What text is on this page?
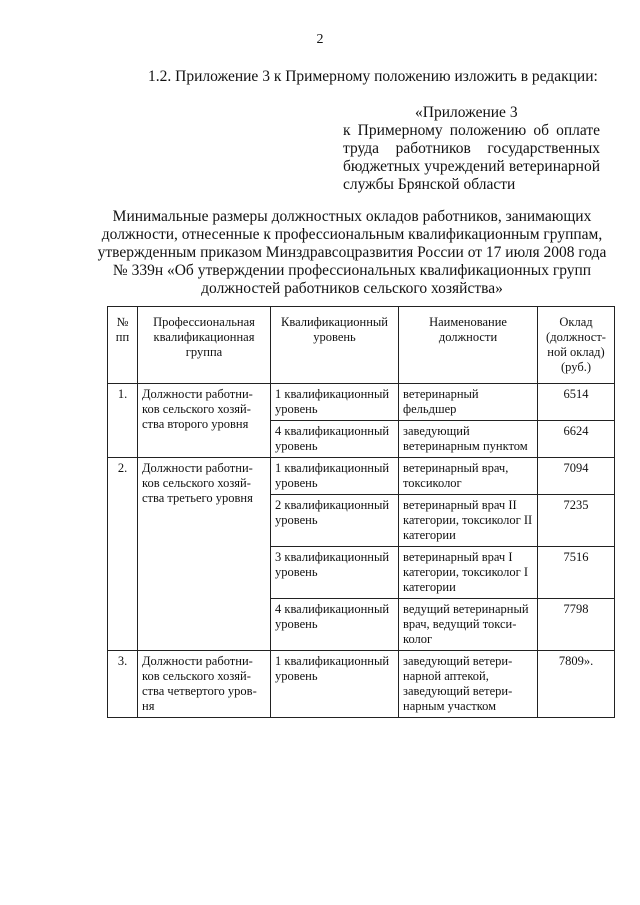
2
1.2. Приложение 3 к Примерному положению изложить в редакции:
«Приложение 3
к Примерному положению об оплате труда работников государственных бюджетных учреждений ветеринарной службы Брянской области
Минимальные размеры должностных окладов работников, занимающих должности, отнесенные к профессиональным квалификационным группам, утвержденным приказом Минздравсоцразвития России от 17 июля 2008 года № 339н «Об утверждении профессиональных квалификационных групп должностей работников сельского хозяйства»
№ пп	Профессиональная квалификационная группа	Квалификационный уровень	Наименование должности	Оклад (должност-ной оклад) (руб.)
1.	Должности работни-ков сельского хозяй-ства второго уровня	1 квалификационный уровень	ветеринарный фельдшер	6514
		4 квалификационный уровень	заведующий ветеринарным пунктом	6624
2.	Должности работни-ков сельского хозяй-ства третьего уровня	1 квалификационный уровень	ветеринарный врач, токсиколог	7094
		2 квалификационный уровень	ветеринарный врач II категории, токсиколог II категории	7235
		3 квалификационный уровень	ветеринарный врач I категории, токсиколог I категории	7516
		4 квалификационный уровень	ведущий ветеринарный врач, ведущий токси-колог	7798
3.	Должности работни-ков сельского хозяй-ства четвертого уров-ня	1 квалификационный уровень	заведующий ветери-нарной аптекой, заведующий ветери-нарным участком	7809».
